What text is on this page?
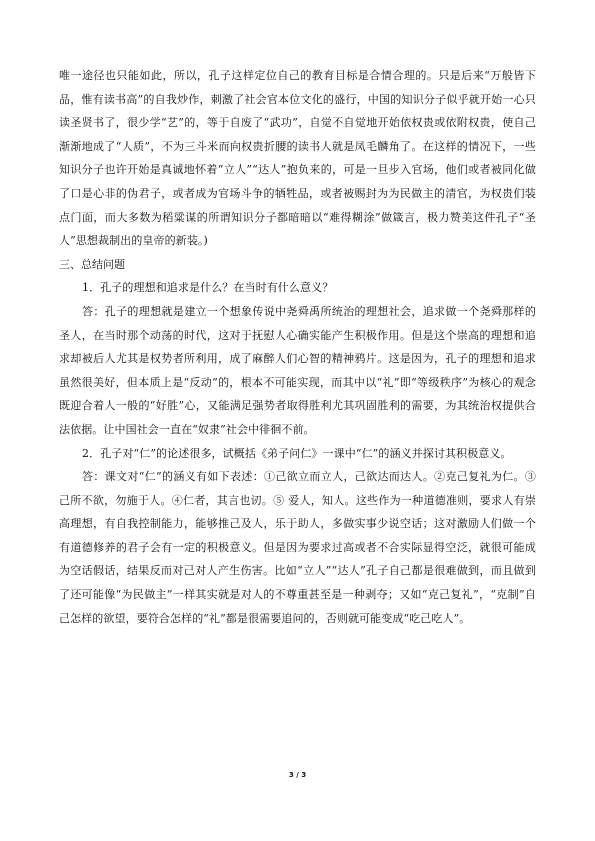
唯一途径也只能如此，所以，孔子这样定位自己的教育目标是合情合理的。只是后来“万般皆下品，惟有读书高”的自我炒作，刺激了社会官本位文化的盛行，中国的知识分子似乎就开始一心只读圣贤书了，很少学“艺”的，等于自废了“武功”，自觉不自觉地开始依权贵或依附权贵，使自己渐渐地成了“人质”，不为三斗米而向权贵折腰的读书人就是凤毛麟角了。在这样的情况下，一些知识分子也许开始是真诚地怀着“立人”“达人”抱负来的，可是一旦步入官场，他们或者被同化做了口是心非的伪君子，或者成为官场斗争的牺牲品，或者被赐封为为民做主的清官，为权贵们装点门面，而大多数为稻粱谋的所谓知识分子都暗暗以“难得糊涂”做箴言，极力赞美这件孔子“圣人”思想裁制出的皇帝的新装。)

三、总结问题

1．孔子的理想和追求是什么？在当时有什么意义？

答：孔子的理想就是建立一个想象传说中尧舜禹所统治的理想社会，追求做一个尧舜那样的圣人，在当时那个动荡的时代，这对于抚慰人心确实能产生积极作用。但是这个崇高的理想和追求却被后人尤其是权势者所利用，成了麻醉人们心智的精神鸦片。这是因为，孔子的理想和追求虽然很美好，但本质上是“反动”的，根本不可能实现，而其中以“礼”即“等级秩序”为核心的观念既迎合着人一般的“好胜”心，又能满足强势者取得胜利尤其巩固胜利的需要，为其统治权提供合法依据。让中国社会一直在“奴隶”社会中徘徊不前。

2．孔子对“仁”的论述很多，试概括《弟子问仁》一课中“仁”的涵义并探讨其积极意义。

答：课文对“仁”的涵义有如下表述：①己欲立而立人，己欲达而达人。②克己复礼为仁。③己所不欲，勿施于人。④仁者，其言也讱。⑤ 爱人，知人。这些作为一种道德准则，要求人有崇高理想，有自我控制能力，能够推己及人，乐于助人，多做实事少说空话；这对激励人们做一个有道德修养的君子会有一定的积极意义。但是因为要求过高或者不合实际显得空泛，就很可能成为空话假话，结果反而对己对人产生伤害。比如“立人”“达人”孔子自己都是很难做到，而且做到了还可能像“为民做主”一样其实就是对人的不尊重甚至是一种剥夺；又如“克己复礼”，“克制”自己怎样的欲望，要符合怎样的“礼”都是很需要追问的，否则就可能变成“吃己吃人”。

3 / 3
